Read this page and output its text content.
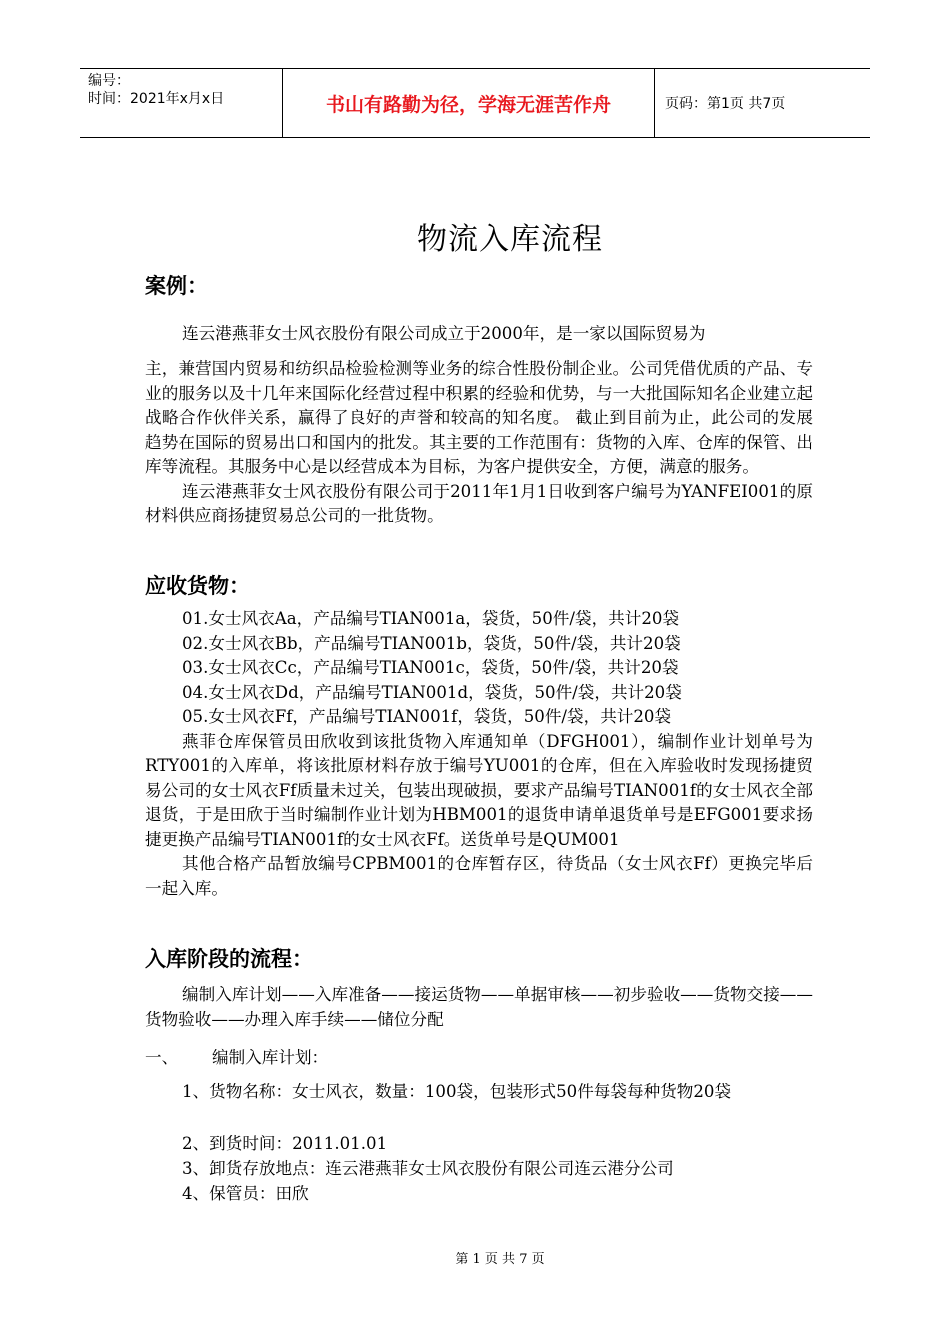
编号：
时间：2021年x月x日	书山有路勤为径，学海无涯苦作舟	页码：第1页 共7页
物流入库流程
案例：
连云港燕菲女士风衣股份有限公司成立于2000年，是一家以国际贸易为

主，兼营国内贸易和纺织品检验检测等业务的综合性股份制企业。公司凭借优质的产品、专业的服务以及十几年来国际化经营过程中积累的经验和优势，与一大批国际知名企业建立起战略合作伙伴关系，赢得了良好的声誉和较高的知名度。 截止到目前为止，此公司的发展趋势在国际的贸易出口和国内的批发。其主要的工作范围有：货物的入库、仓库的保管、出库等流程。其服务中心是以经营成本为目标，为客户提供安全，方便，满意的服务。

连云港燕菲女士风衣股份有限公司于2011年1月1日收到客户编号为YANFEI001的原材料供应商扬捷贸易总公司的一批货物。

应收货物：

01.女士风衣Aa，产品编号TIAN001a，袋货，50件/袋，共计20袋

02.女士风衣Bb，产品编号TIAN001b，袋货，50件/袋，共计20袋

03.女士风衣Cc，产品编号TIAN001c，袋货，50件/袋，共计20袋

04.女士风衣Dd，产品编号TIAN001d，袋货，50件/袋，共计20袋

05.女士风衣Ff，产品编号TIAN001f，袋货，50件/袋，共计20袋

燕菲仓库保管员田欣收到该批货物入库通知单（DFGH001），编制作业计划单号为RTY001的入库单，将该批原材料存放于编号YU001的仓库，但在入库验收时发现扬捷贸易公司的女士风衣Ff质量未过关，包装出现破损，要求产品编号TIAN001f的女士风衣全部退货，于是田欣于当时编制作业计划为HBM001的退货申请单退货单号是EFG001要求扬捷更换产品编号TIAN001f的女士风衣Ff。送货单号是QUM001

其他合格产品暂放编号CPBM001的仓库暂存区，待货品（女士风衣Ff）更换完毕后一起入库。

入库阶段的流程：

编制入库计划——入库准备——接运货物——单据审核——初步验收——货物交接——货物验收——办理入库手续——储位分配

一、 编制入库计划：

1、货物名称：女士风衣，数量：100袋，包装形式50件每袋每种货物20袋

2、到货时间：2011.01.01
3、卸货存放地点：连云港燕菲女士风衣股份有限公司连云港分公司
4、保管员：田欣
第 1 页 共 7 页
